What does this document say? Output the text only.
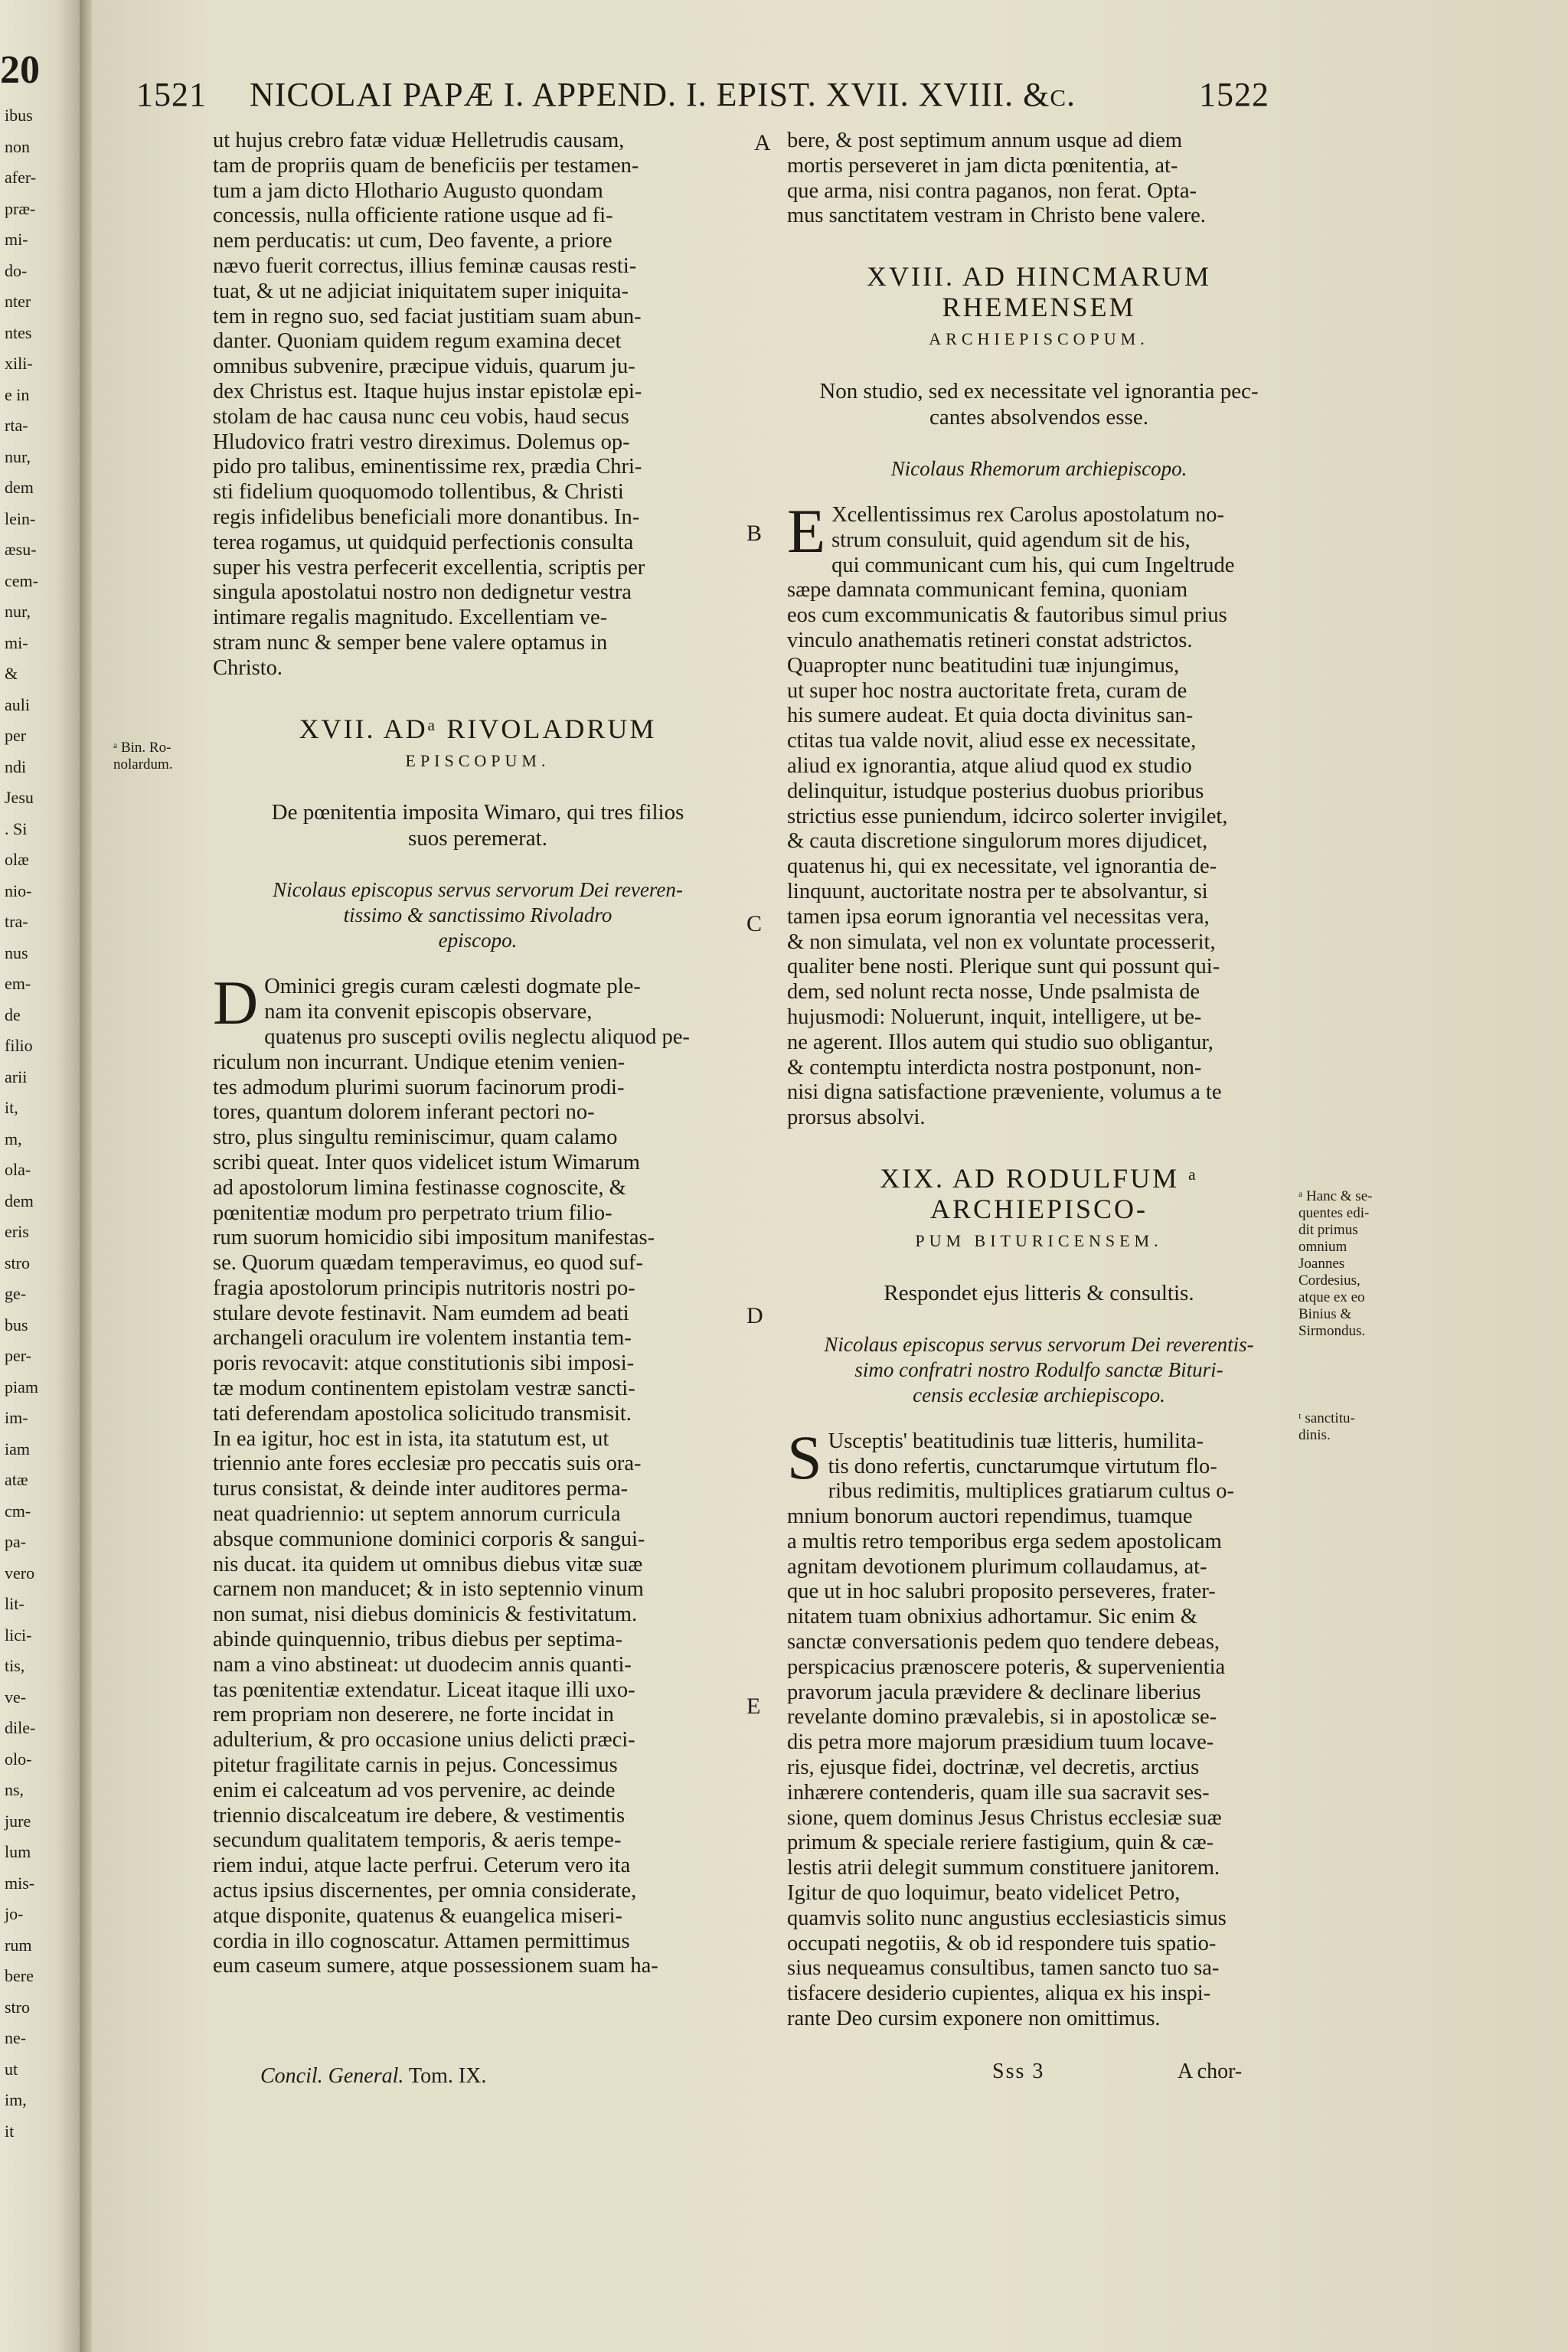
20
ibus
non
afer-
præ-
mi-
do-
nter
ntes
xili-
e in
rta-
nur,
dem
lein-
æsu-
cem-
nur,
mi-
&
auli
per
ndi
Jesu
. Si
olæ
nio-
tra-
nus
em-
de
filio
arii
it,
m,
ola-
dem
eris
stro
ge-
bus
per-
piam
im-
iam
atæ
cm-
pa-
vero
lit-
lici-
tis,
ve-
dile-
olo-
ns,
jure
lum
mis-
jo-
rum
bere
stro
ne-
ut
im,
it
1521 NICOLAI PAPÆ I. APPEND. I. EPIST. XVII. XVIII. &c.	1522
A
B
C
D
E
ᵃ Bin. Ro-
nolardum.
ᵃ Hanc & se-
quentes edi-
dit primus
omnium
Joannes
Cordesius,
atque ex eo
Binius &
Sirmondus.
ᵗ sanctitu-
dinis.
ut hujus crebro fatæ viduæ Helletrudis causam,
tam de propriis quam de beneficiis per testamen-
tum a jam dicto Hlothario Augusto quondam
concessis, nulla officiente ratione usque ad fi-
nem perducatis: ut cum, Deo favente, a priore
nævo fuerit correctus, illius feminæ causas resti-
tuat, & ut ne adjiciat iniquitatem super iniquita-
tem in regno suo, sed faciat justitiam suam abun-
danter. Quoniam quidem regum examina decet
omnibus subvenire, præcipue viduis, quarum ju-
dex Christus est. Itaque hujus instar epistolæ epi-
stolam de hac causa nunc ceu vobis, haud secus
Hludovico fratri vestro direximus. Dolemus op-
pido pro talibus, eminentissime rex, prædia Chri-
sti fidelium quoquomodo tollentibus, & Christi
regis infidelibus beneficiali more donantibus. In-
terea rogamus, ut quidquid perfectionis consulta
super his vestra perfecerit excellentia, scriptis per
singula apostolatui nostro non dedignetur vestra
intimare regalis magnitudo. Excellentiam ve-
stram nunc & semper bene valere optamus in
Christo.
XVII. ADᵃ RIVOLADRUM
EPISCOPUM.
De pœnitentia imposita Wimaro, qui tres filios
suos peremerat.
Nicolaus episcopus servus servorum Dei reveren-
tissimo & sanctissimo Rivoladro
episcopo.
D Ominici gregis curam cælesti dogmate ple-
nam ita convenit episcopis observare,
quatenus pro suscepti ovilis neglectu aliquod pe-
riculum non incurrant. Undique etenim venien-
tes admodum plurimi suorum facinorum prodi-
tores, quantum dolorem inferant pectori no-
stro, plus singultu reminiscimur, quam calamo
scribi queat. Inter quos videlicet istum Wimarum
ad apostolorum limina festinasse cognoscite, &
pœnitentiæ modum pro perpetrato trium filio-
rum suorum homicidio sibi impositum manifestas-
se. Quorum quædam temperavimus, eo quod suf-
fragia apostolorum principis nutritoris nostri po-
stulare devote festinavit. Nam eumdem ad beati
archangeli oraculum ire volentem instantia tem-
poris revocavit: atque constitutionis sibi imposi-
tæ modum continentem epistolam vestræ sancti-
tati deferendam apostolica solicitudo transmisit.
In ea igitur, hoc est in ista, ita statutum est, ut
triennio ante fores ecclesiæ pro peccatis suis ora-
turus consistat, & deinde inter auditores perma-
neat quadriennio: ut septem annorum curricula
absque communione dominici corporis & sangui-
nis ducat. ita quidem ut omnibus diebus vitæ suæ
carnem non manducet; & in isto septennio vinum
non sumat, nisi diebus dominicis & festivitatum.
abinde quinquennio, tribus diebus per septima-
nam a vino abstineat: ut duodecim annis quanti-
tas pœnitentiæ extendatur. Liceat itaque illi uxo-
rem propriam non deserere, ne forte incidat in
adulterium, & pro occasione unius delicti præci-
pitetur fragilitate carnis in pejus. Concessimus
enim ei calceatum ad vos pervenire, ac deinde
triennio discalceatum ire debere, & vestimentis
secundum qualitatem temporis, & aeris tempe-
riem indui, atque lacte perfrui. Ceterum vero ita
actus ipsius discernentes, per omnia considerate,
atque disponite, quatenus & euangelica miseri-
cordia in illo cognoscatur. Attamen permittimus
eum caseum sumere, atque possessionem suam ha-
bere, & post septimum annum usque ad diem
mortis perseveret in jam dicta pœnitentia, at-
que arma, nisi contra paganos, non ferat. Opta-
mus sanctitatem vestram in Christo bene valere.
XVIII. AD HINCMARUM RHEMENSEM
ARCHIEPISCOPUM.
Non studio, sed ex necessitate vel ignorantia pec-
cantes absolvendos esse.
Nicolaus Rhemorum archiepiscopo.
E Xcellentissimus rex Carolus apostolatum no-
strum consuluit, quid agendum sit de his,
qui communicant cum his, qui cum Ingeltrude
sæpe damnata communicant femina, quoniam
eos cum excommunicatis & fautoribus simul prius
vinculo anathematis retineri constat adstrictos.
Quapropter nunc beatitudini tuæ injungimus,
ut super hoc nostra auctoritate freta, curam de
his sumere audeat. Et quia docta divinitus san-
ctitas tua valde novit, aliud esse ex necessitate,
aliud ex ignorantia, atque aliud quod ex studio
delinquitur, istudque posterius duobus prioribus
strictius esse puniendum, idcirco solerter invigilet,
& cauta discretione singulorum mores dijudicet,
quatenus hi, qui ex necessitate, vel ignorantia de-
linquunt, auctoritate nostra per te absolvantur, si
tamen ipsa eorum ignorantia vel necessitas vera,
& non simulata, vel non ex voluntate processerit,
qualiter bene nosti. Plerique sunt qui possunt qui-
dem, sed nolunt recta nosse, Unde psalmista de
hujusmodi: Noluerunt, inquit, intelligere, ut be-
ne agerent. Illos autem qui studio suo obligantur,
& contemptu interdicta nostra postponunt, non-
nisi digna satisfactione præveniente, volumus a te
prorsus absolvi.
XIX. AD RODULFUM ᵃ ARCHIEPISCO-
PUM BITURICENSEM.
Respondet ejus litteris & consultis.
Nicolaus episcopus servus servorum Dei reverentis-
simo confratri nostro Rodulfo sanctæ Bituri-
censis ecclesiæ archiepiscopo.
S Usceptis' beatitudinis tuæ litteris, humilita-
tis dono refertis, cunctarumque virtutum flo-
ribus redimitis, multiplices gratiarum cultus o-
mnium bonorum auctori rependimus, tuamque
a multis retro temporibus erga sedem apostolicam
agnitam devotionem plurimum collaudamus, at-
que ut in hoc salubri proposito perseveres, frater-
nitatem tuam obnixius adhortamur. Sic enim &
sanctæ conversationis pedem quo tendere debeas,
perspicacius prænoscere poteris, & supervenientia
pravorum jacula prævidere & declinare liberius
revelante domino prævalebis, si in apostolicæ se-
dis petra more majorum præsidium tuum locave-
ris, ejusque fidei, doctrinæ, vel decretis, arctius
inhærere contenderis, quam ille sua sacravit ses-
sione, quem dominus Jesus Christus ecclesiæ suæ
primum & speciale reriere fastigium, quin & cæ-
lestis atrii delegit summum constituere janitorem.
Igitur de quo loquimur, beato videlicet Petro,
quamvis solito nunc angustius ecclesiasticis simus
occupati negotiis, & ob id respondere tuis spatio-
sius nequeamus consultibus, tamen sancto tuo sa-
tisfacere desiderio cupientes, aliqua ex his inspi-
rante Deo cursim exponere non omittimus.
Concil. General. Tom. IX.	Sss 3	A chor-
